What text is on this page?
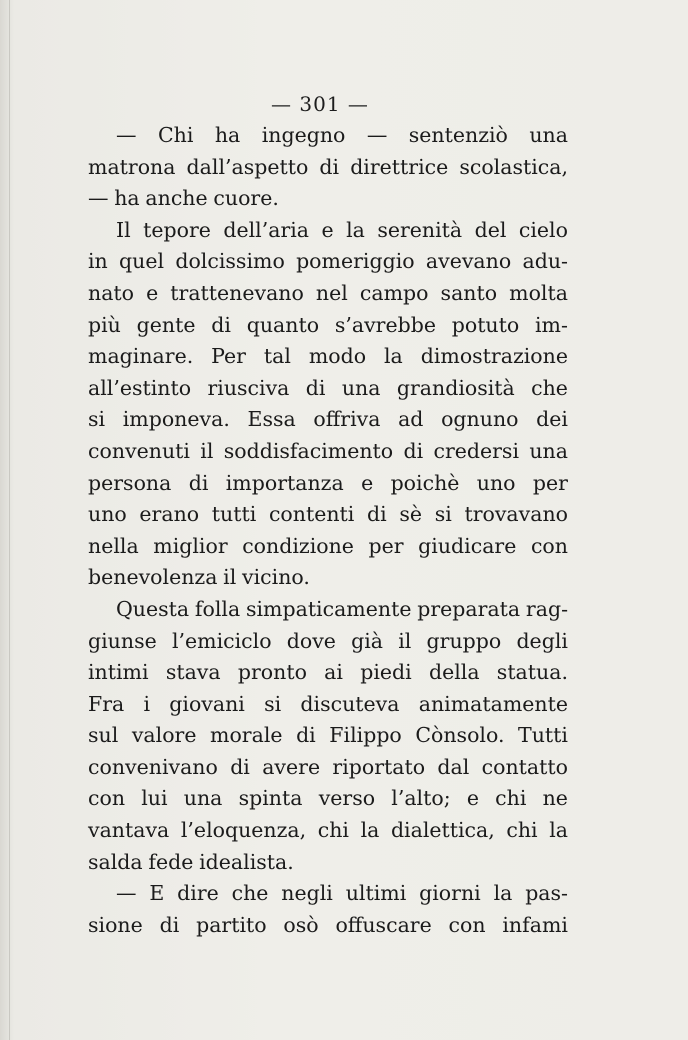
— 301 —
— Chi ha ingegno — sentenziò una
matrona dall’aspetto di direttrice scolastica,
— ha anche cuore.
Il tepore dell’aria e la serenità del cielo
in quel dolcissimo pomeriggio avevano adu-
nato e trattenevano nel campo santo molta
più gente di quanto s’avrebbe potuto im-
maginare. Per tal modo la dimostrazione
all’estinto riusciva di una grandiosità che
si imponeva. Essa offriva ad ognuno dei
convenuti il soddisfacimento di credersi una
persona di importanza e poichè uno per
uno erano tutti contenti di sè si trovavano
nella miglior condizione per giudicare con
benevolenza il vicino.
Questa folla simpaticamente preparata rag-
giunse l’emiciclo dove già il gruppo degli
intimi stava pronto ai piedi della statua.
Fra i giovani si discuteva animatamente
sul valore morale di Filippo Cònsolo. Tutti
convenivano di avere riportato dal contatto
con lui una spinta verso l’alto; e chi ne
vantava l’eloquenza, chi la dialettica, chi la
salda fede idealista.
— E dire che negli ultimi giorni la pas-
sione di partito osò offuscare con infami
